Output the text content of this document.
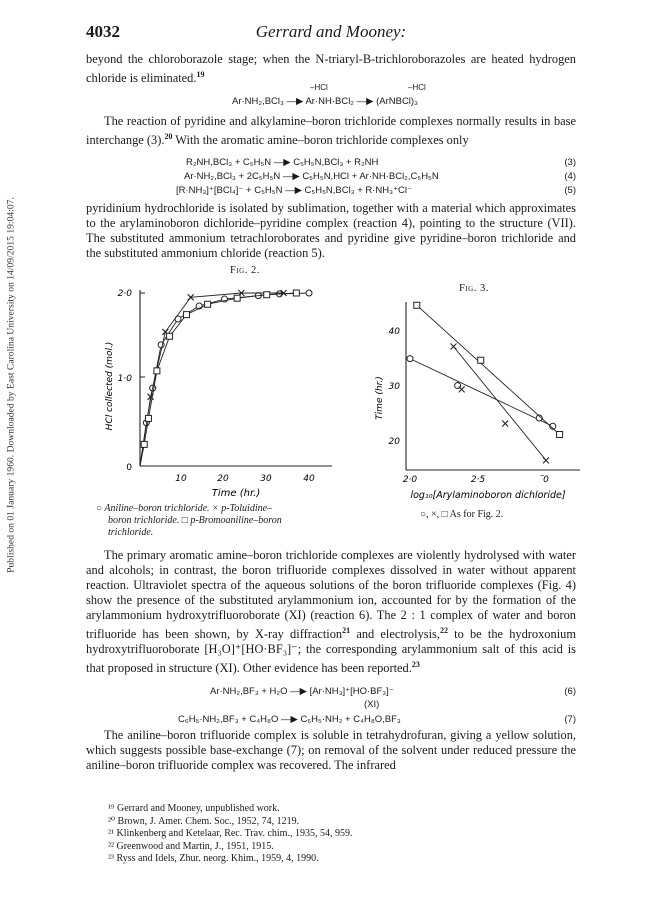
Published on 01 January 1960. Downloaded by East Carolina University on 14/09/2015 19:04:07.
4032	Gerrard and Mooney:

beyond the chloroborazole stage; when the N-triaryl-B-trichloroborazoles are heated hydrogen chloride is eliminated.$^{19}$

–HCl	–HCl
Ar·NH₂,BCl₃ —▶ Ar·NH·BCl₂ —▶ (ArNBCl)₃

The reaction of pyridine and alkylamine–boron trichloride complexes normally results in base interchange (3).$^{20}$ With the aromatic amine–boron trichloride complexes only

R₂NH,BCl₃ + C₅H₅N —▶ C₅H₅N,BCl₃ + R₂NH	(3)
Ar·NH₂,BCl₃ + 2C₅H₅N —▶ C₅H₅N,HCl + Ar·NH·BCl₂,C₅H₅N	(4)
[R·NH₃]⁺[BCl₄]⁻ + C₅H₅N —▶ C₅H₅N,BCl₃ + R·NH₃⁺Cl⁻	(5)

pyridinium hydrochloride is isolated by sublimation, together with a material which approximates to the arylaminoboron dichloride–pyridine complex (reaction 4), pointing to the structure (VII). The substituted ammonium tetrachloroborates and pyridine give pyridine–boron trichloride and the substituted ammonium chloride (reaction 5).

Fig. 2.
Fig. 3.
HCl collected (mol.)
Time (hr.)
0
1·0
2·0
10	20	30	40
○ Aniline–boron trichloride. × p-Toluidine–
boron trichloride. □ p-Bromoaniline–boron
trichloride.
Time (hr.)
log₁₀[Arylaminoboron dichloride]
20
30
40
2·0	2·5	̃0
○, ×, □ As for Fig. 2.

The primary aromatic amine–boron trichloride complexes are violently hydrolysed with water and alcohols; in contrast, the boron trifluoride complexes dissolved in water without apparent reaction. Ultraviolet spectra of the aqueous solutions of the boron trifluoride complexes (Fig. 4) show the presence of the substituted arylammonium ion, accounted for by the formation of the arylammonium hydroxytrifluoroborate (XI) (reaction 6). The 2 : 1 complex of water and boron trifluoride has been shown, by X-ray diffraction$^{21}$ and electrolysis,$^{22}$ to be the hydroxonium hydroxytrifluoroborate [H₃O]⁺[HO·BF₃]⁻; the corresponding arylammonium salt of this acid is that proposed in structure (XI). Other evidence has been reported.$^{23}$

Ar·NH₂,BF₃ + H₂O —▶ [Ar·NH₃]⁺[HO·BF₃]⁻	(6)
(XI)
C₆H₅·NH₂,BF₃ + C₄H₈O —▶ C₆H₅·NH₂ + C₄H₈O,BF₃	(7)

The aniline–boron trifluoride complex is soluble in tetrahydrofuran, giving a yellow solution, which suggests possible base-exchange (7); on removal of the solvent under reduced pressure the aniline–boron trifluoride complex was recovered. The infrared

¹⁹ Gerrard and Mooney, unpublished work.

²⁰ Brown, J. Amer. Chem. Soc., 1952, 74, 1219.

²¹ Klinkenberg and Ketelaar, Rec. Trav. chim., 1935, 54, 959.

²² Greenwood and Martin, J., 1951, 1915.

²³ Ryss and Idels, Zhur. neorg. Khim., 1959, 4, 1990.
